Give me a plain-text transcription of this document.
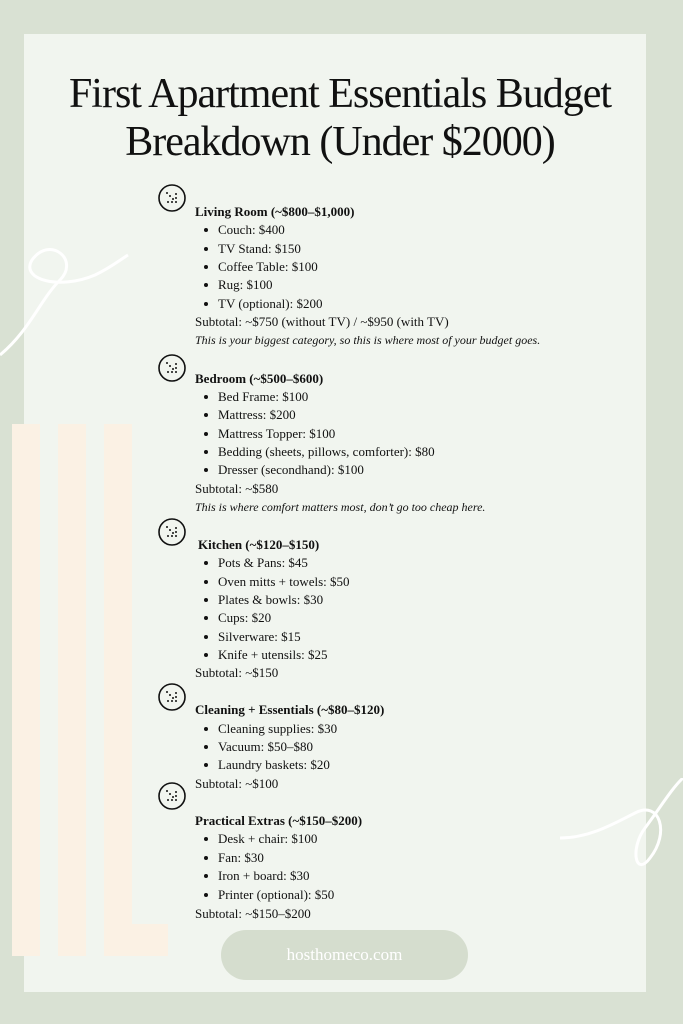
First Apartment Essentials Budget
Breakdown (Under $2000)
Living Room (~$800–$1,000)
Couch: $400
TV Stand: $150
Coffee Table: $100
Rug: $100
TV (optional): $200
Subtotal: ~$750 (without TV) / ~$950 (with TV)
This is your biggest category, so this is where most of your budget goes.
Bedroom (~$500–$600)
Bed Frame: $100
Mattress: $200
Mattress Topper: $100
Bedding (sheets, pillows, comforter): $80
Dresser (secondhand): $100
Subtotal: ~$580
This is where comfort matters most, don’t go too cheap here.
Kitchen (~$120–$150)
Pots & Pans: $45
Oven mitts + towels: $50
Plates & bowls: $30
Cups: $20
Silverware: $15
Knife + utensils: $25
Subtotal: ~$150
Cleaning + Essentials (~$80–$120)
Cleaning supplies: $30
Vacuum: $50–$80
Laundry baskets: $20
Subtotal: ~$100
Practical Extras (~$150–$200)
Desk + chair: $100
Fan: $30
Iron + board: $30
Printer (optional): $50
Subtotal: ~$150–$200
hosthomeco.com
